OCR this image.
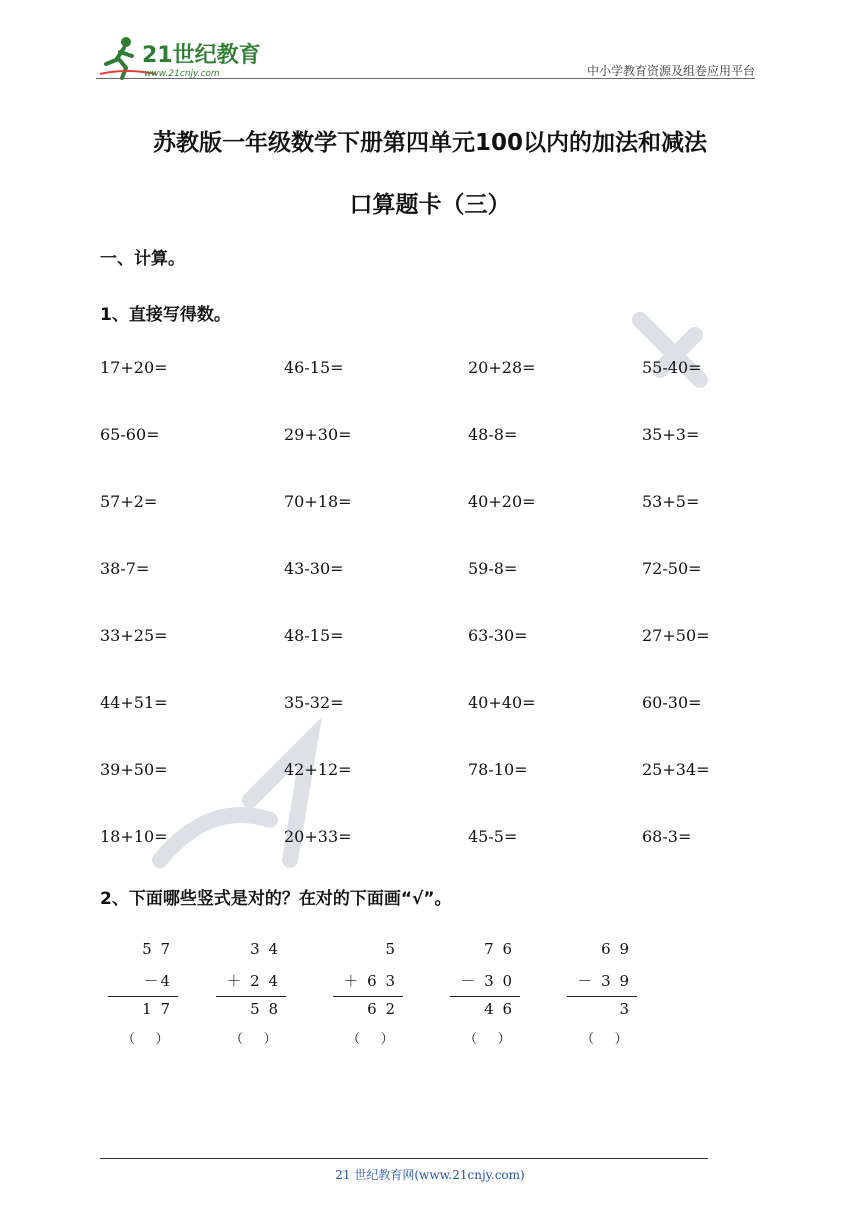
21世纪教育
www.21cnjy.com	中小学教育资源及组卷应用平台
苏教版一年级数学下册第四单元100以内的加法和减法
口算题卡（三）
一、计算。
1、直接写得数。
17+20=	46-15=	20+28=	55-40=
65-60=	29+30=	48-8=	35+3=
57+2=	70+18=	40+20=	53+5=
38-7=	43-30=	59-8=	72-50=
33+25=	48-15=	63-30=	27+50=
44+51=	35-32=	40+40=	60-30=
39+50=	42+12=	78-10=	25+34=
18+10=	20+33=	45-5=	68-3=
2、下面哪些竖式是对的？在对的下面画“√”。
5 7
－4
1 7
（     ）
3 4
＋ 2 4
5 8
（     ）
5
＋ 6 3
6 2
（     ）
7 6
－ 3 0
4 6
（     ）
6 9
－ 3 9
3
（     ）
21 世纪教育网(www.21cnjy.com)
